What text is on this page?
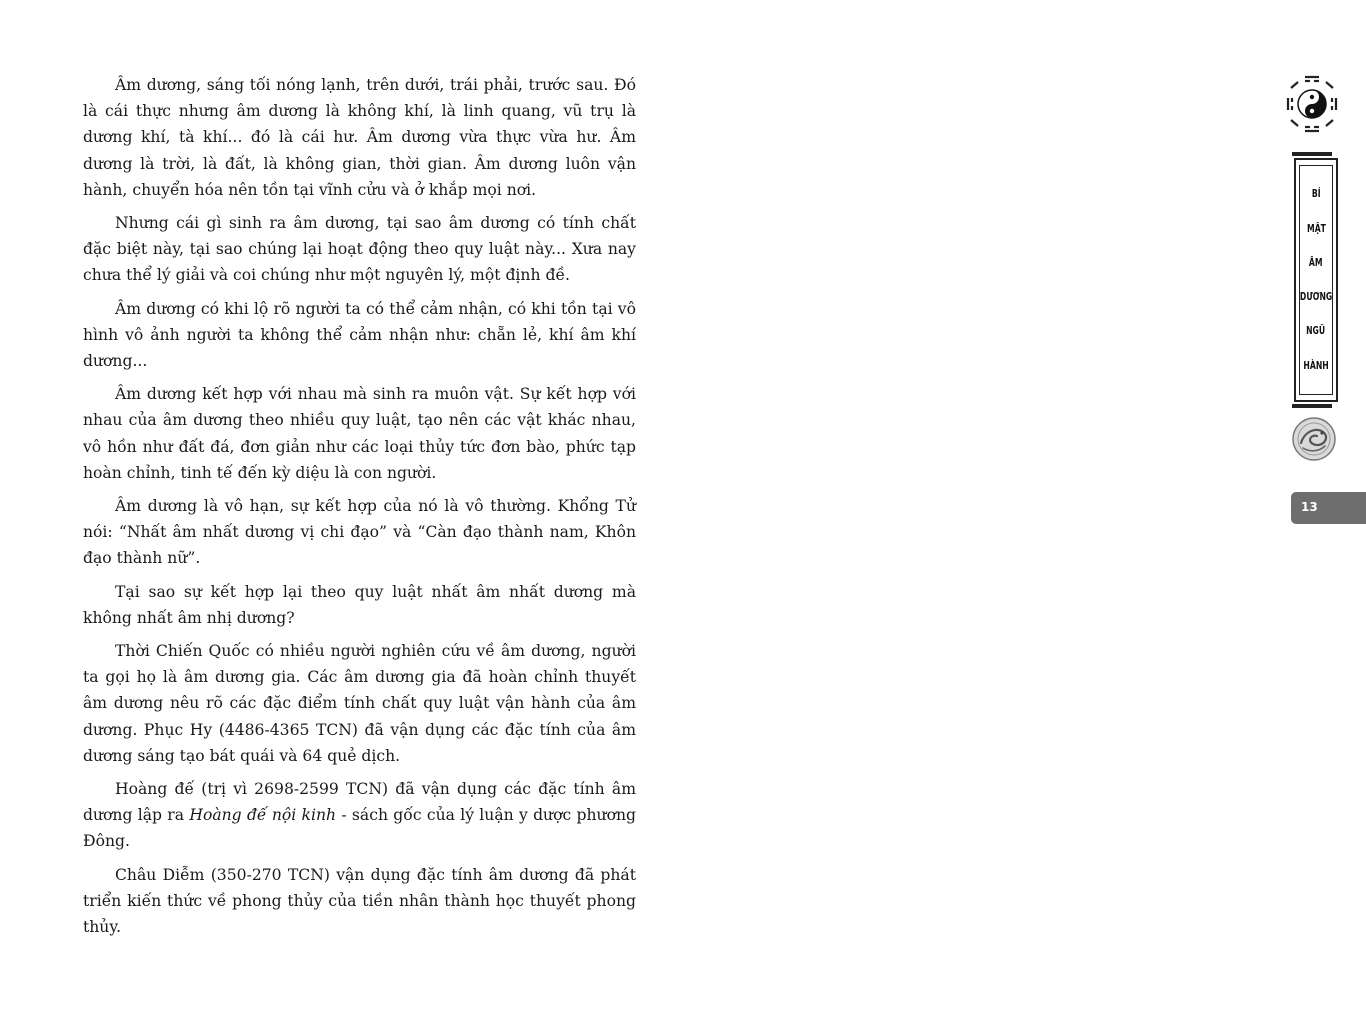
Âm dương, sáng tối nóng lạnh, trên dưới, trái phải, trước sau. Đó là cái thực nhưng âm dương là không khí, là linh quang, vũ trụ là dương khí, tà khí... đó là cái hư. Âm dương vừa thực vừa hư. Âm dương là trời, là đất, là không gian, thời gian. Âm dương luôn vận hành, chuyển hóa nên tồn tại vĩnh cửu và ở khắp mọi nơi.

Nhưng cái gì sinh ra âm dương, tại sao âm dương có tính chất đặc biệt này, tại sao chúng lại hoạt động theo quy luật này... Xưa nay chưa thể lý giải và coi chúng như một nguyên lý, một định đề.

Âm dương có khi lộ rõ người ta có thể cảm nhận, có khi tồn tại vô hình vô ảnh người ta không thể cảm nhận như: chẵn lẻ, khí âm khí dương...

Âm dương kết hợp với nhau mà sinh ra muôn vật. Sự kết hợp với nhau của âm dương theo nhiều quy luật, tạo nên các vật khác nhau, vô hồn như đất đá, đơn giản như các loại thủy tức đơn bào, phức tạp hoàn chỉnh, tinh tế đến kỳ diệu là con người.

Âm dương là vô hạn, sự kết hợp của nó là vô thường. Khổng Tử nói: “Nhất âm nhất dương vị chi đạo” và “Càn đạo thành nam, Khôn đạo thành nữ”.

Tại sao sự kết hợp lại theo quy luật nhất âm nhất dương mà không nhất âm nhị dương?

Thời Chiến Quốc có nhiều người nghiên cứu về âm dương, người ta gọi họ là âm dương gia. Các âm dương gia đã hoàn chỉnh thuyết âm dương nêu rõ các đặc điểm tính chất quy luật vận hành của âm dương. Phục Hy (4486-4365 TCN) đã vận dụng các đặc tính của âm dương sáng tạo bát quái và 64 quẻ dịch.

Hoàng đế (trị vì 2698-2599 TCN) đã vận dụng các đặc tính âm dương lập ra Hoàng đế nội kinh - sách gốc của lý luận y dược phương Đông.

Châu Diễm (350-270 TCN) vận dụng đặc tính âm dương đã phát triển kiến thức về phong thủy của tiền nhân thành học thuyết phong thủy.

BÍ
MẬT
ÂM
DƯƠNG
NGŨ
HÀNH
13
